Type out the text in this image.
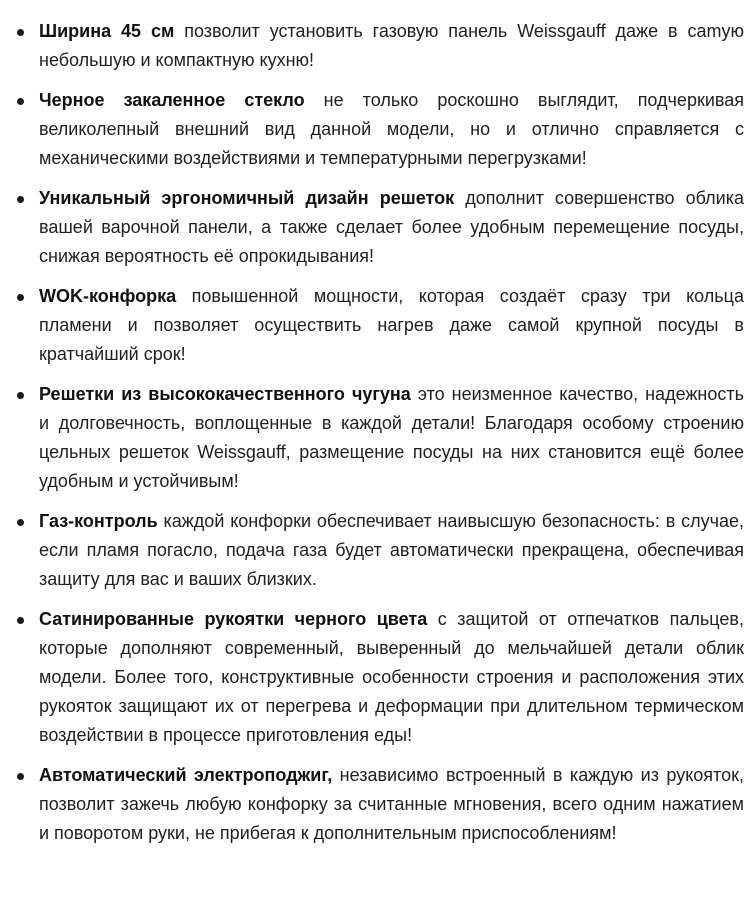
Ширина 45 см позволит установить газовую панель Weissgauff даже в саmую небольшую и компактную кухню!
Черное закаленное стекло не только роскошно выглядит, подчеркивая великолепный внешний вид данной модели, но и отлично справляется с механическими воздействиями и температурными перегрузками!
Уникальный эргономичный дизайн решеток дополнит совершенство облика вашей варочной панели, а также сделает более удобным перемещение посуды, снижая вероятность её опрокидывания!
WOK-конфорка повышенной мощности, которая создаёт сразу три кольца пламени и позволяет осуществить нагрев даже самой крупной посуды в кратчайший срок!
Решетки из высококачественного чугуна это неизменное качество, надежность и долговечность, воплощенные в каждой детали! Благодаря особому строению цельных решеток Weissgauff, размещение посуды на них становится ещё более удобным и устойчивым!
Газ-контроль каждой конфорки обеспечивает наивысшую безопасность: в случае, если пламя погасло, подача газа будет автоматически прекращена, обеспечивая защиту для вас и ваших близких.
Сатинированные рукоятки черного цвета с защитой от отпечатков пальцев, которые дополняют современный, выверенный до мельчайшей детали облик модели. Более того, конструктивные особенности строения и расположения этих рукояток защищают их от перегрева и деформации при длительном термическом воздействии в процессе приготовления еды!
Автоматический электроподжиг, независимо встроенный в каждую из рукояток, позволит зажечь любую конфорку за считанные мгновения, всего одним нажатием и поворотом руки, не прибегая к дополнительным приспособлениям!
